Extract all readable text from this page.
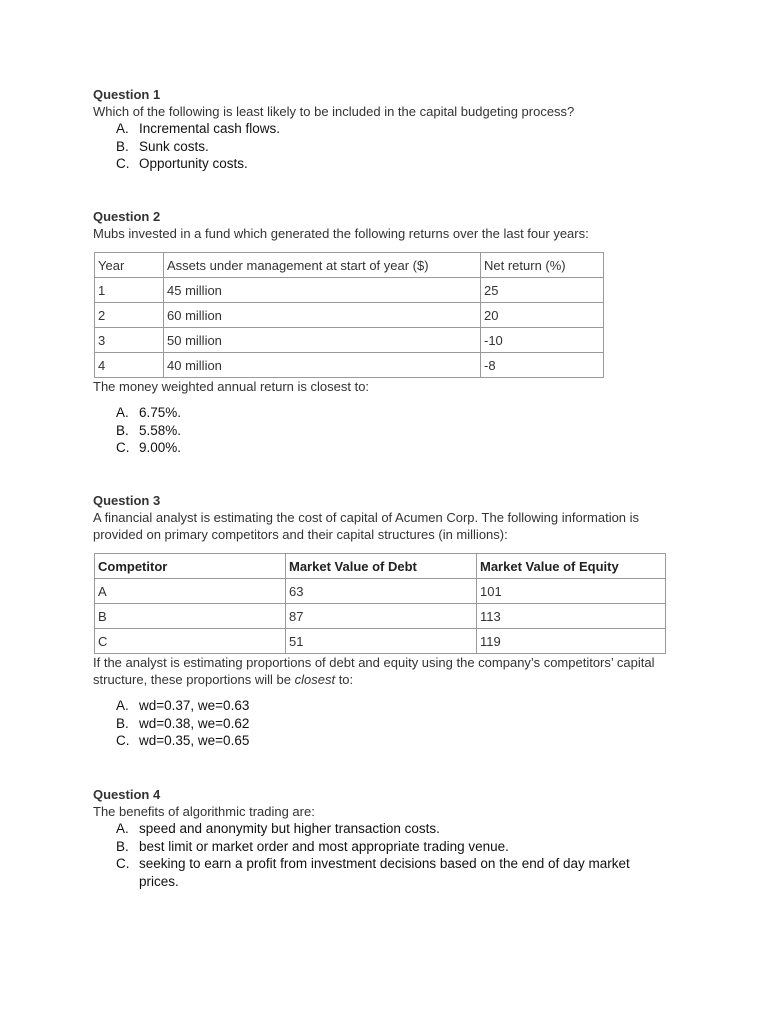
Question 1
Which of the following is least likely to be included in the capital budgeting process?
A. Incremental cash flows.
B. Sunk costs.
C. Opportunity costs.
Question 2
Mubs invested in a fund which generated the following returns over the last four years:
Year	Assets under management at start of year ($)	Net return (%)
1	45 million	25
2	60 million	20
3	50 million	-10
4	40 million	-8
The money weighted annual return is closest to:
A. 6.75%.
B. 5.58%.
C. 9.00%.
Question 3
A financial analyst is estimating the cost of capital of Acumen Corp. The following information is provided on primary competitors and their capital structures (in millions):
Competitor	Market Value of Debt	Market Value of Equity
A	63	101
B	87	113
C	51	119
If the analyst is estimating proportions of debt and equity using the company’s competitors’ capital structure, these proportions will be closest to:
A. wd=0.37, we=0.63
B. wd=0.38, we=0.62
C. wd=0.35, we=0.65
Question 4
The benefits of algorithmic trading are:
A. speed and anonymity but higher transaction costs.
B. best limit or market order and most appropriate trading venue.
C. seeking to earn a profit from investment decisions based on the end of day market prices.
